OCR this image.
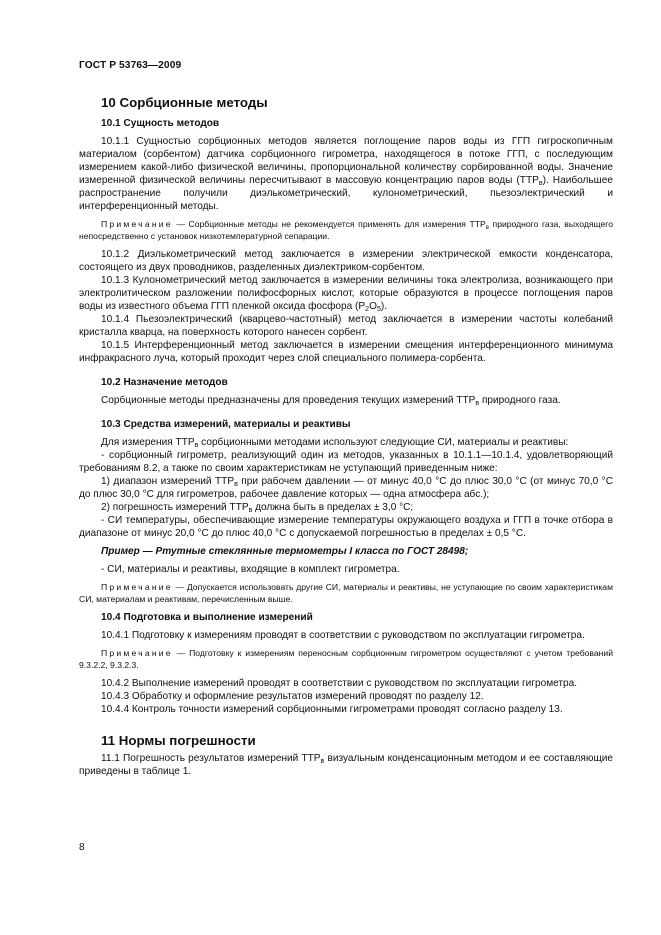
ГОСТ Р 53763—2009
10 Сорбционные методы
10.1 Сущность методов

10.1.1 Сущностью сорбционных методов является поглощение паров воды из ГГП гигроскопичным материалом (сорбентом) датчика сорбционного гигрометра, находящегося в потоке ГГП, с последующим измерением какой-либо физической величины, пропорциональной количеству сорбированной воды. Значение измеренной физической величины пересчитывают в массовую концентрацию паров воды $(ТТР_в)$. Наибольшее распространение получили диэлькометрический, кулонометрический, пьезоэлектрический и интерференционный методы.

Примечание — Сорбционные методы не рекомендуется применять для измерения $ТТР_в$ природного газа, выходящего непосредственно с установок низкотемпературной сепарации.

10.1.2 Диэлькометрический метод заключается в измерении электрической емкости конденсатора, состоящего из двух проводников, разделенных диэлектриком-сорбентом.

10.1.3 Кулонометрический метод заключается в измерении величины тока электролиза, возникающего при электролитическом разложении полифосфорных кислот, которые образуются в процессе поглощения паров воды из известного объема ГГП пленкой оксида фосфора $(P_2O_5)$.

10.1.4 Пьезоэлектрический (кварцево-частотный) метод заключается в измерении частоты колебаний кристалла кварца, на поверхность которого нанесен сорбент.

10.1.5 Интерференционный метод заключается в измерении смещения интерференционного минимума инфракрасного луча, который проходит через слой специального полимера-сорбента.

10.2 Назначение методов

Сорбционные методы предназначены для проведения текущих измерений $ТТР_в$ природного газа.

10.3 Средства измерений, материалы и реактивы

Для измерения $ТТР_в$ сорбционными методами используют следующие СИ, материалы и реактивы:

- сорбционный гигрометр, реализующий один из методов, указанных в 10.1.1—10.1.4, удовлетворяющий требованиям 8.2, а также по своим характеристикам не уступающий приведенным ниже:

1) диапазон измерений $ТТР_в$ при рабочем давлении — от минус 40,0 °С до плюс 30,0 °С (от минус 70,0 °С до плюс 30,0 °С для гигрометров, рабочее давление которых — одна атмосфера абс.);

2) погрешность измерений $ТТР_в$ должна быть в пределах ± 3,0 °С;

- СИ температуры, обеспечивающие измерение температуры окружающего воздуха и ГГП в точке отбора в диапазоне от минус 20,0 °С до плюс 40,0 °С с допускаемой погрешностью в пределах ± 0,5 °С.

Пример — Ртутные стеклянные термометры I класса по ГОСТ 28498;

- СИ, материалы и реактивы, входящие в комплект гигрометра.

Примечание — Допускается использовать другие СИ, материалы и реактивы, не уступающие по своим характеристикам СИ, материалам и реактивам, перечисленным выше.

10.4 Подготовка и выполнение измерений

10.4.1 Подготовку к измерениям проводят в соответствии с руководством по эксплуатации гигрометра.

Примечание — Подготовку к измерениям переносным сорбционным гигрометром осуществляют с учетом требований 9.3.2.2, 9.3.2.3.

10.4.2 Выполнение измерений проводят в соответствии с руководством по эксплуатации гигрометра.

10.4.3 Обработку и оформление результатов измерений проводят по разделу 12.

10.4.4 Контроль точности измерений сорбционными гигрометрами проводят согласно разделу 13.

11 Нормы погрешности

11.1 Погрешность результатов измерений $ТТР_в$ визуальным конденсационным методом и ее составляющие приведены в таблице 1.

8
